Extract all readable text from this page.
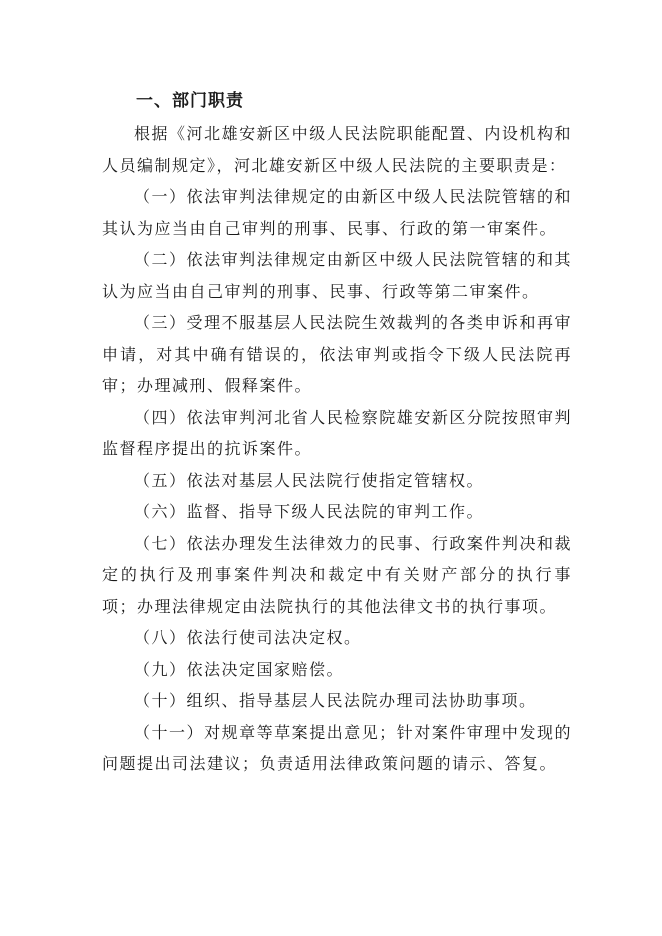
一、部门职责

根据《河北雄安新区中级人民法院职能配置、内设机构和人员编制规定》，河北雄安新区中级人民法院的主要职责是：

（一）依法审判法律规定的由新区中级人民法院管辖的和其认为应当由自己审判的刑事、民事、行政的第一审案件。

（二）依法审判法律规定由新区中级人民法院管辖的和其认为应当由自己审判的刑事、民事、行政等第二审案件。

（三）受理不服基层人民法院生效裁判的各类申诉和再审申请，对其中确有错误的，依法审判或指令下级人民法院再审；办理减刑、假释案件。

（四）依法审判河北省人民检察院雄安新区分院按照审判监督程序提出的抗诉案件。

（五）依法对基层人民法院行使指定管辖权。

（六）监督、指导下级人民法院的审判工作。

（七）依法办理发生法律效力的民事、行政案件判决和裁定的执行及刑事案件判决和裁定中有关财产部分的执行事项；办理法律规定由法院执行的其他法律文书的执行事项。

（八）依法行使司法决定权。

（九）依法决定国家赔偿。

（十）组织、指导基层人民法院办理司法协助事项。

（十一）对规章等草案提出意见；针对案件审理中发现的问题提出司法建议；负责适用法律政策问题的请示、答复。
